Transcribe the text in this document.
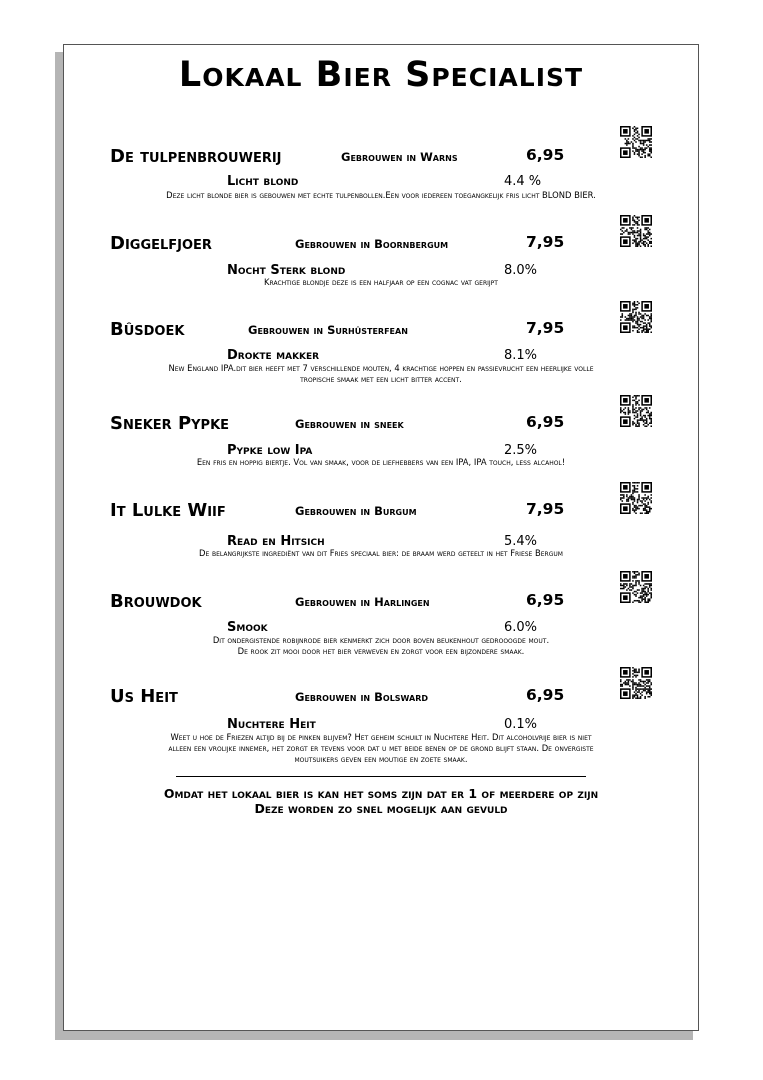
Lokaal Bier Specialist
De tulpenbrouwerij	Gebrouwen in Warns	6,95
Licht blond	4.4 %
Deze licht blonde bier is gebouwen met echte tulpenbollen.Een voor iedereen toegangkelijk fris licht BLOND BIER.
Diggelfjoer	Gebrouwen in Boornbergum	7,95
Nocht Sterk blond	8.0%
Krachtige blondje deze is een halfjaar op een cognac vat gerijpt
Bûsdoek	Gebrouwen in Surhûsterfean	7,95
Drokte makker	8.1%
New England IPA.dit bier heeft met 7 verschillende mouten, 4 krachtige hoppen en passievrucht een heerlijke volle
tropische smaak met een licht bitter accent.
Sneker Pypke	Gebrouwen in sneek	6,95
Pypke low Ipa	2.5%
Een fris en hoppig biertje. Vol van smaak, voor de liefhebbers van een IPA, IPA touch, less alcahol!
It Lulke Wiif	Gebrouwen in Burgum	7,95
Read en Hitsich	5.4%
De belangrijkste ingrediënt van dit Fries speciaal bier: de braam werd geteelt in het Friese Bergum
Brouwdok	Gebrouwen in Harlingen	6,95
Smook	6.0%
Dit ondergistende robijnrode bier kenmerkt zich door boven beukenhout gedrooogde mout.
De rook zit mooi door het bier verweven en zorgt voor een bijzondere smaak.
Us Heit	Gebrouwen in Bolsward	6,95
Nuchtere Heit	0.1%
Weet u hoe de Friezen altijd bij de pinken blijvem? Het geheim schuilt in Nuchtere Heit. Dit alcoholvrije bier is niet
alleen een vrolijke innemer, het zorgt er tevens voor dat u met beide benen op de grond blijft staan. De onvergiste
moutsuikers geven een moutige en zoete smaak.
Omdat het lokaal bier is kan het soms zijn dat er 1 of meerdere op zijn
Deze worden zo snel mogelijk aan gevuld
